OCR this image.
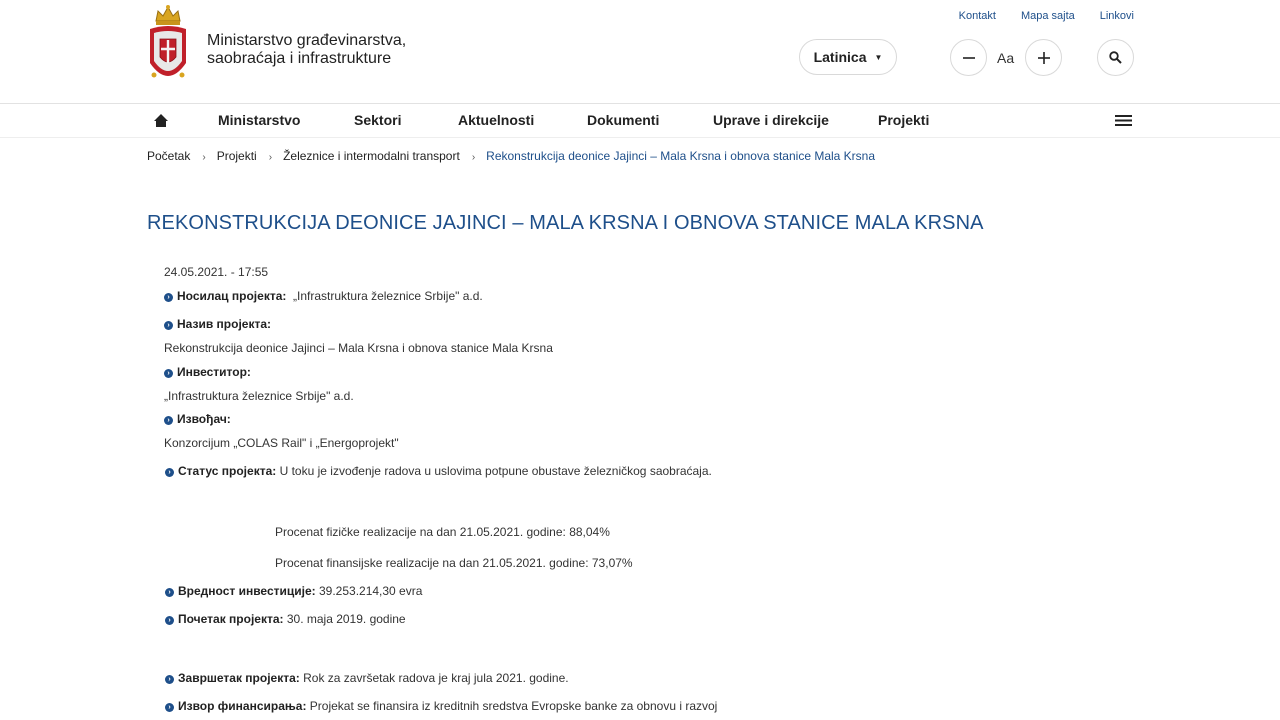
Ministarstvo građevinarstva,
saobraćaja i infrastrukture
Kontakt Mapa sajta Linkovi
Latinica ▼	Aa
Ministarstvo	Sektori	Aktuelnosti	Dokumenti	Uprave i direkcije	Projekti
Početak › Projekti › Železnice i intermodalni transport › Rekonstrukcija deonice Jajinci – Mala Krsna i obnova stanice Mala Krsna
REKONSTRUKCIJA DEONICE JAJINCI – MALA KRSNA I OBNOVA STANICE MALA KRSNA
24.05.2021. - 17:55
› Носилац пројекта: „Infrastruktura železnice Srbije" a.d.
› Назив пројекта:
Rekonstrukcija deonice Jajinci – Mala Krsna i obnova stanice Mala Krsna
› Инвеститор:
„Infrastruktura železnice Srbije" a.d.
› Извођач:
Konzorcijum „COLAS Rail" i „Energoprojekt"
› Статус пројекта: U toku je izvođenje radova u uslovima potpune obustave železničkog saobraćaja.
Procenat fizičke realizacije na dan 21.05.2021. godine: 88,04%
Procenat finansijske realizacije na dan 21.05.2021. godine: 73,07%
› Вредност инвестиције: 39.253.214,30 evra
› Почетак пројекта: 30. maja 2019. godine
› Завршетак пројекта: Rok za završetak radova je kraj jula 2021. godine.
› Извор финансирања: Projekat se finansira iz kreditnih sredstva Evropske banke za obnovu i razvoj
